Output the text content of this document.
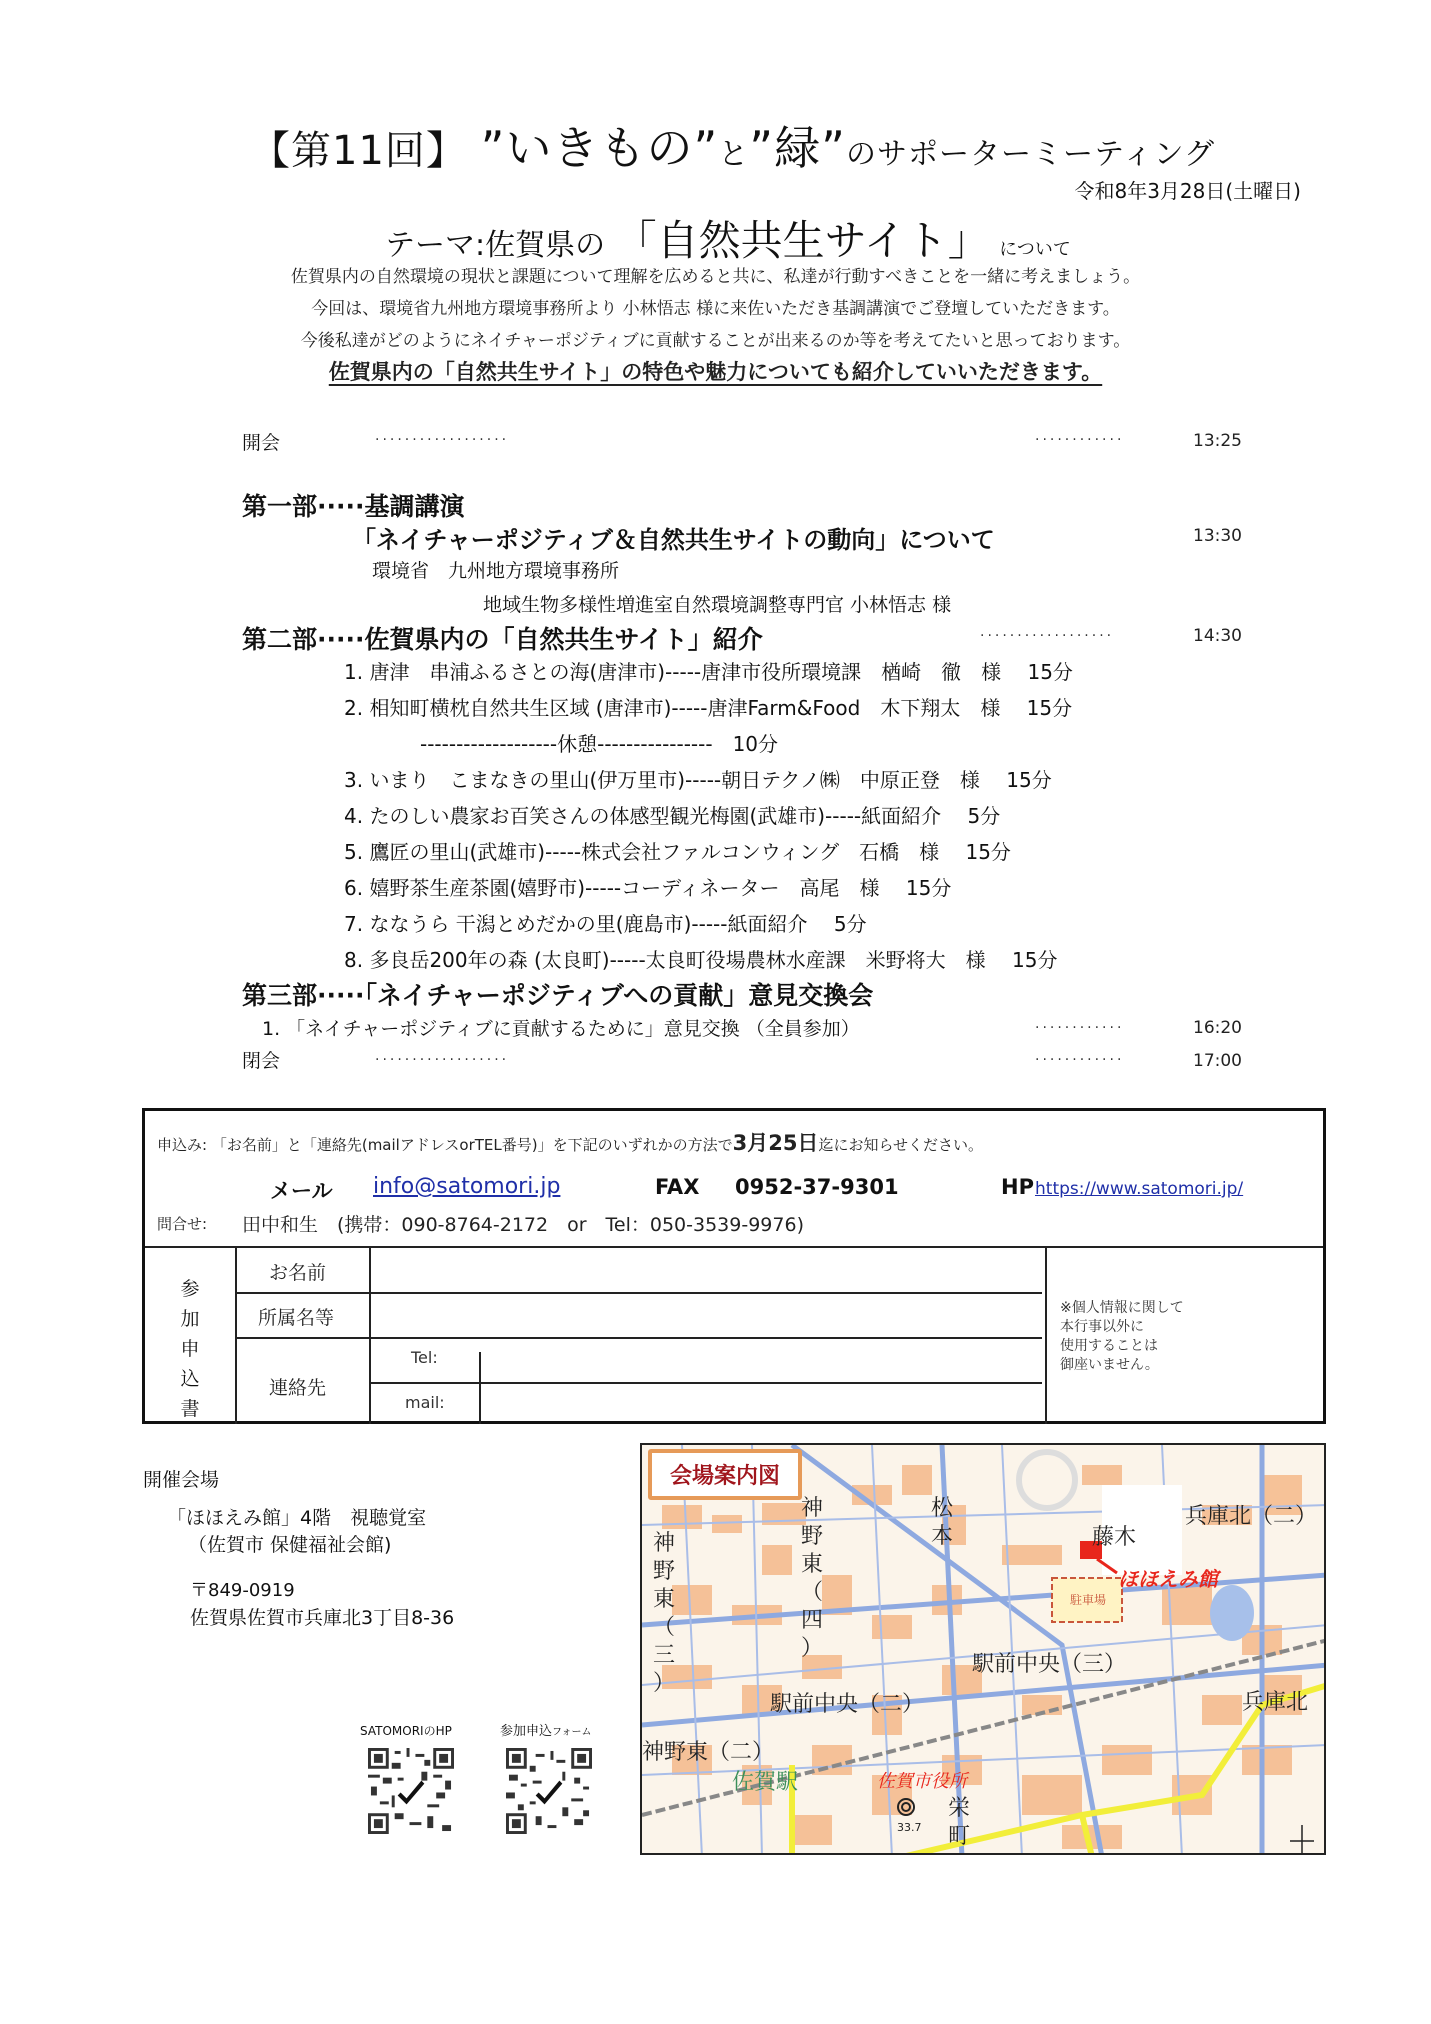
【第11回】 ”いきもの”と”緑”のサポーターミーティング
令和8年3月28日(土曜日)
テーマ:佐賀県の 「自然共生サイト」 について
佐賀県内の自然環境の現状と課題について理解を広めると共に、私達が行動すべきことを一緒に考えましょう。
今回は、環境省九州地方環境事務所より 小林悟志 様に来佐いただき基調講演でご登壇していただきます。
今後私達がどのようにネイチャーポジティブに貢献することが出来るのか等を考えてたいと思っております。
佐賀県内の「自然共生サイト」の特色や魅力についても紹介していいただきます。
開会	··················	············	13:25
第一部·····基調講演
「ネイチャーポジティブ＆自然共生サイトの動向」について	13:30
環境省　九州地方環境事務所
地域生物多様性増進室自然環境調整専門官 小林悟志 様
第二部·····佐賀県内の「自然共生サイト」紹介	··················	14:30
1. 唐津　串浦ふるさとの海(唐津市)-----唐津市役所環境課　楢崎　徹　様　 15分
2. 相知町横枕自然共生区域 (唐津市)-----唐津Farm&Food　木下翔太　様　 15分
-------------------休憩----------------　10分
3. いまり　こまなきの里山(伊万里市)-----朝日テクノ㈱　中原正登　様　 15分
4. たのしい農家お百笑さんの体感型観光梅園(武雄市)-----紙面紹介　 5分
5. 鷹匠の里山(武雄市)-----株式会社ファルコンウィング　石橋　様　 15分
6. 嬉野茶生産茶園(嬉野市)-----コーディネーター　高尾　様　 15分
7. ななうら 干潟とめだかの里(鹿島市)-----紙面紹介　 5分
8. 多良岳200年の森 (太良町)-----太良町役場農林水産課　米野将大　様　 15分
第三部·····「ネイチャーポジティブへの貢献」意見交換会
1. 「ネイチャーポジティブに貢献するために」意見交換 （全員参加）	············	16:20
閉会	··················	············	17:00
申込み: 「お名前」と「連絡先(mailアドレスorTEL番号)」を下記のいずれかの方法で3月25日迄にお知らせください。
メール info@satomori.jp	FAX 0952-37-9301	HP https://www.satomori.jp/
問合せ: 田中和生　(携帯：090-8764-2172　or　Tel：050-3539-9976)
参
加
申
込
書
お名前
所属名等
連絡先
Tel:
mail:
※個人情報に関して
本行事以外に
使用することは
御座いません。
開催会場
「ほほえみ館」4階　視聴覚室
（佐賀市 保健福祉会館)
〒849-0919
佐賀県佐賀市兵庫北3丁目8-36
SATOMORIのHP	参加申込フォーム
会場案内図
神
野
東
（
四
）
神
野
東
（
三
）
松
本	藤木
兵庫北（二）
ほほえみ館
駐車場
駅前中央（三）
駅前中央（二）	兵庫北
神野東（二）
佐賀駅	佐賀市役所
33.7
栄
町
